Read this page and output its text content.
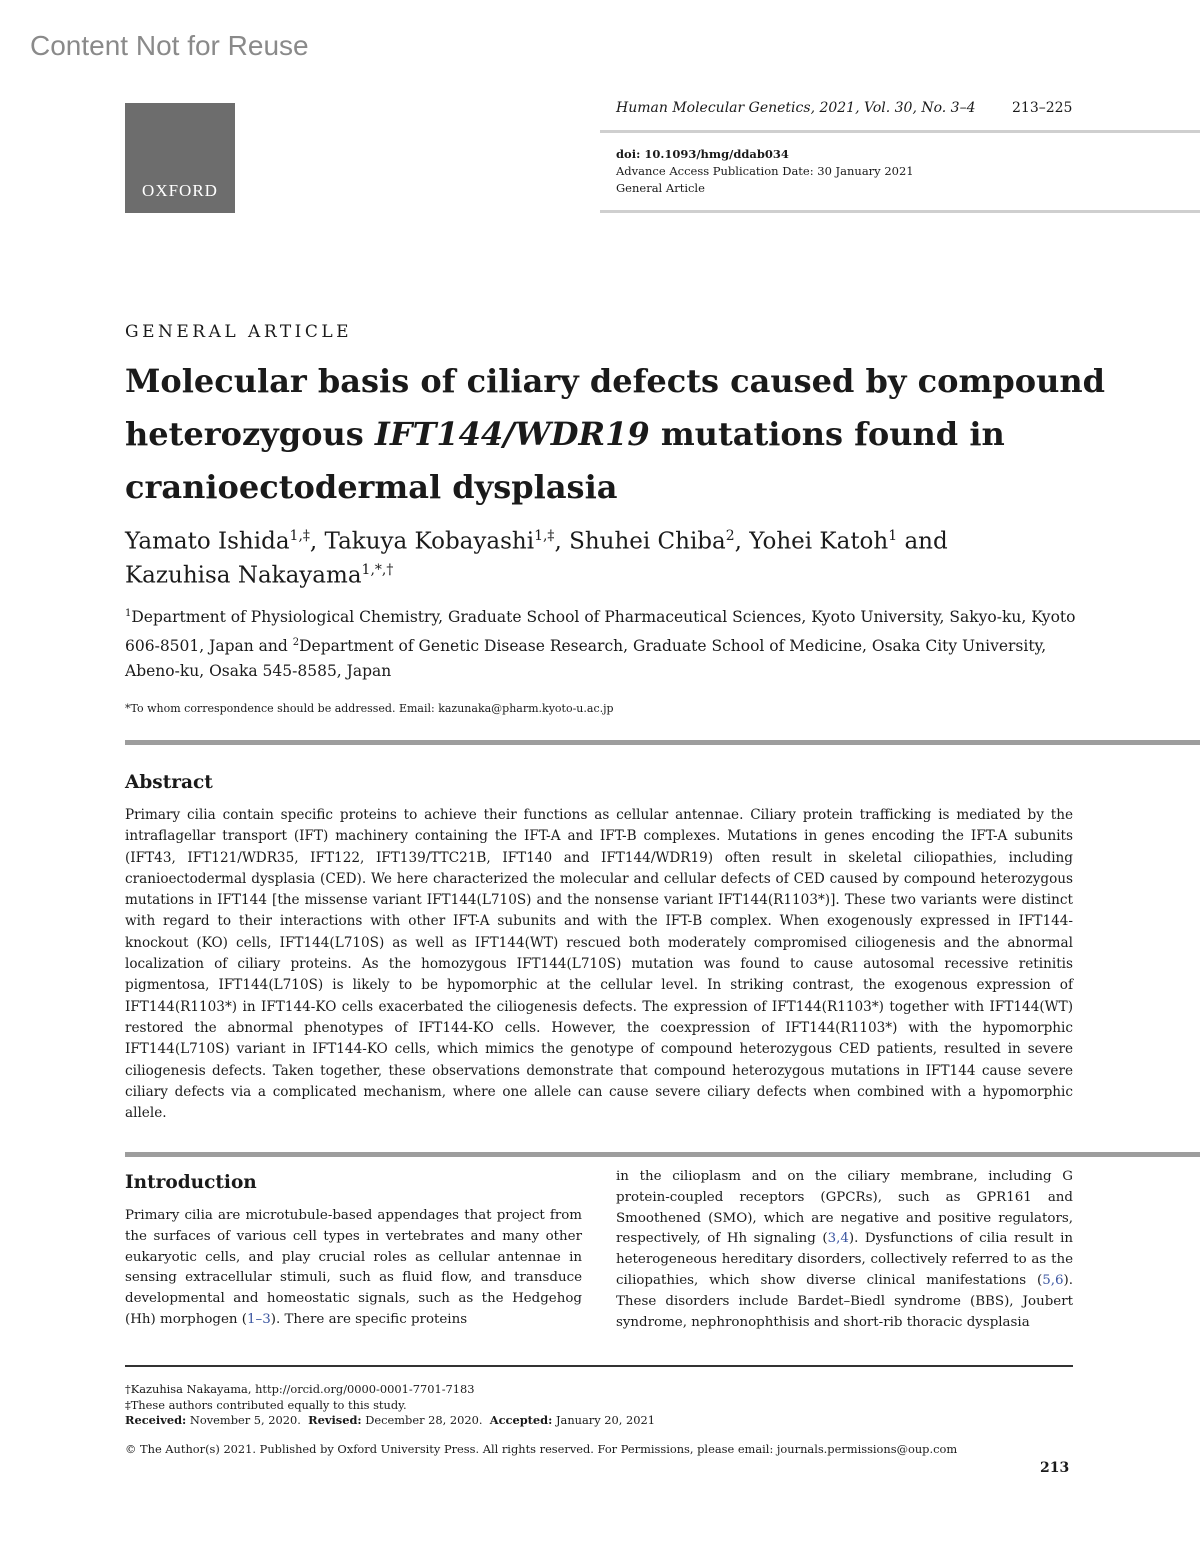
Content Not for Reuse
OXFORD
Human Molecular Genetics, 2021, Vol. 30, No. 3–4	213–225
doi: 10.1093/hmg/ddab034
Advance Access Publication Date: 30 January 2021
General Article
GENERAL ARTICLE
Molecular basis of ciliary defects caused by compound heterozygous IFT144/WDR19 mutations found in cranioectodermal dysplasia
Yamato Ishida$^{1,\ddagger}$, Takuya Kobayashi$^{1,\ddagger}$, Shuhei Chiba$^2$, Yohei Katoh$^1$ and
Kazuhisa Nakayama$^{1,*,\dagger}$
$^1$Department of Physiological Chemistry, Graduate School of Pharmaceutical Sciences, Kyoto University, Sakyo-ku, Kyoto 606-8501, Japan and $^2$Department of Genetic Disease Research, Graduate School of Medicine, Osaka City University, Abeno-ku, Osaka 545-8585, Japan
*To whom correspondence should be addressed. Email: kazunaka@pharm.kyoto-u.ac.jp
Abstract

Primary cilia contain specific proteins to achieve their functions as cellular antennae. Ciliary protein trafficking is mediated by the intraflagellar transport (IFT) machinery containing the IFT-A and IFT-B complexes. Mutations in genes encoding the IFT-A subunits (IFT43, IFT121/WDR35, IFT122, IFT139/TTC21B, IFT140 and IFT144/WDR19) often result in skeletal ciliopathies, including cranioectodermal dysplasia (CED). We here characterized the molecular and cellular defects of CED caused by compound heterozygous mutations in IFT144 [the missense variant IFT144(L710S) and the nonsense variant IFT144(R1103*)]. These two variants were distinct with regard to their interactions with other IFT-A subunits and with the IFT-B complex. When exogenously expressed in IFT144-knockout (KO) cells, IFT144(L710S) as well as IFT144(WT) rescued both moderately compromised ciliogenesis and the abnormal localization of ciliary proteins. As the homozygous IFT144(L710S) mutation was found to cause autosomal recessive retinitis pigmentosa, IFT144(L710S) is likely to be hypomorphic at the cellular level. In striking contrast, the exogenous expression of IFT144(R1103*) in IFT144-KO cells exacerbated the ciliogenesis defects. The expression of IFT144(R1103*) together with IFT144(WT) restored the abnormal phenotypes of IFT144-KO cells. However, the coexpression of IFT144(R1103*) with the hypomorphic IFT144(L710S) variant in IFT144-KO cells, which mimics the genotype of compound heterozygous CED patients, resulted in severe ciliogenesis defects. Taken together, these observations demonstrate that compound heterozygous mutations in IFT144 cause severe ciliary defects via a complicated mechanism, where one allele can cause severe ciliary defects when combined with a hypomorphic allele.

Introduction

Primary cilia are microtubule-based appendages that project from the surfaces of various cell types in vertebrates and many other eukaryotic cells, and play crucial roles as cellular antennae in sensing extracellular stimuli, such as fluid flow, and transduce developmental and homeostatic signals, such as the Hedgehog (Hh) morphogen (1–3). There are specific proteins

in the cilioplasm and on the ciliary membrane, including G protein-coupled receptors (GPCRs), such as GPR161 and Smoothened (SMO), which are negative and positive regulators, respectively, of Hh signaling (3,4). Dysfunctions of cilia result in heterogeneous hereditary disorders, collectively referred to as the ciliopathies, which show diverse clinical manifestations (5,6). These disorders include Bardet–Biedl syndrome (BBS), Joubert syndrome, nephronophthisis and short-rib thoracic dysplasia

†Kazuhisa Nakayama, http://orcid.org/0000-0001-7701-7183
‡These authors contributed equally to this study.
Received: November 5, 2020. Revised: December 28, 2020. Accepted: January 20, 2021
© The Author(s) 2021. Published by Oxford University Press. All rights reserved. For Permissions, please email: journals.permissions@oup.com
213
